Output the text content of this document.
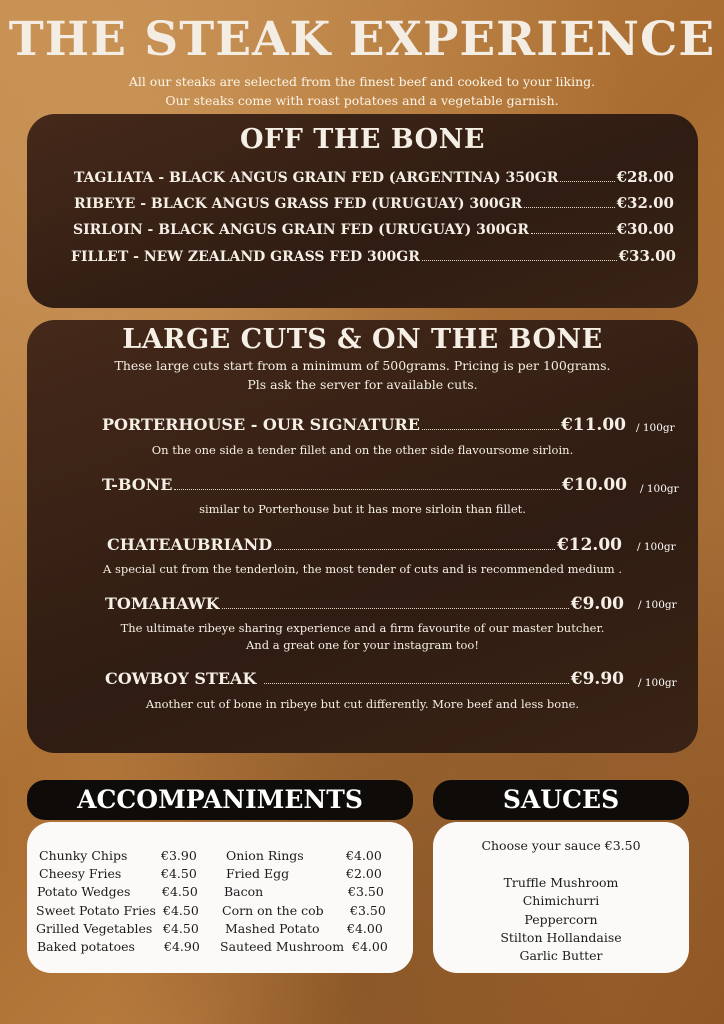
THE STEAK EXPERIENCE
All our steaks are selected from the finest beef and cooked to your liking.
Our steaks come with roast potatoes and a vegetable garnish.
OFF THE BONE
TAGLIATA - BLACK ANGUS GRAIN FED (ARGENTINA) 350GR	€28.00
RIBEYE - BLACK ANGUS GRASS FED (URUGUAY) 300GR	€32.00
SIRLOIN - BLACK ANGUS GRAIN FED (URUGUAY) 300GR	€30.00
FILLET - NEW ZEALAND GRASS FED 300GR	€33.00
LARGE CUTS & ON THE BONE
These large cuts start from a minimum of 500grams. Pricing is per 100grams.
Pls ask the server for available cuts.
PORTERHOUSE - OUR SIGNATURE	€11.00 / 100gr
On the one side a tender fillet and on the other side flavoursome sirloin.
T-BONE	€10.00 / 100gr
similar to Porterhouse but it has more sirloin than fillet.
CHATEAUBRIAND	€12.00 / 100gr
A special cut from the tenderloin, the most tender of cuts and is recommended medium .
TOMAHAWK	€9.00 / 100gr
The ultimate ribeye sharing experience and a firm favourite of our master butcher.
And a great one for your instagram too!
COWBOY STEAK	€9.90 / 100gr
Another cut of bone in ribeye but cut differently. More beef and less bone.
ACCOMPANIMENTS
Chunky Chips	€3.90
Cheesy Fries	€4.50
Potato Wedges	€4.50
Sweet Potato Fries €4.50
Grilled Vegetables €4.50
Baked potatoes €4.90
Onion Rings	€4.00
Fried Egg	€2.00
Bacon	€3.50
Corn on the cob €3.50
Mashed Potato €4.00
Sauteed Mushroom €4.00
SAUCES
Choose your sauce €3.50
Truffle Mushroom
Chimichurri
Peppercorn
Stilton Hollandaise
Garlic Butter
